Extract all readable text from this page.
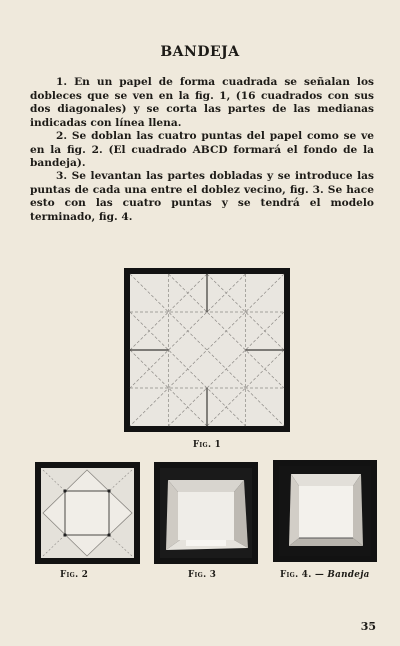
BANDEJA

1. En un papel de forma cuadrada se señalan los dobleces que se ven en la fig. 1, (16 cuadrados con sus dos diagonales) y se corta las partes de las medianas indicadas con línea llena.

2. Se doblan las cuatro puntas del papel como se ve en la fig. 2. (El cuadrado ABCD formará el fondo de la bandeja).

3. Se levantan las partes dobladas y se introduce las puntas de cada una entre el doblez vecino, fig. 3. Se hace esto con las cuatro puntas y se tendrá el modelo terminado, fig. 4.

Fig. 1
Fig. 2	Fig. 3	Fig. 4. — Bandeja
35
